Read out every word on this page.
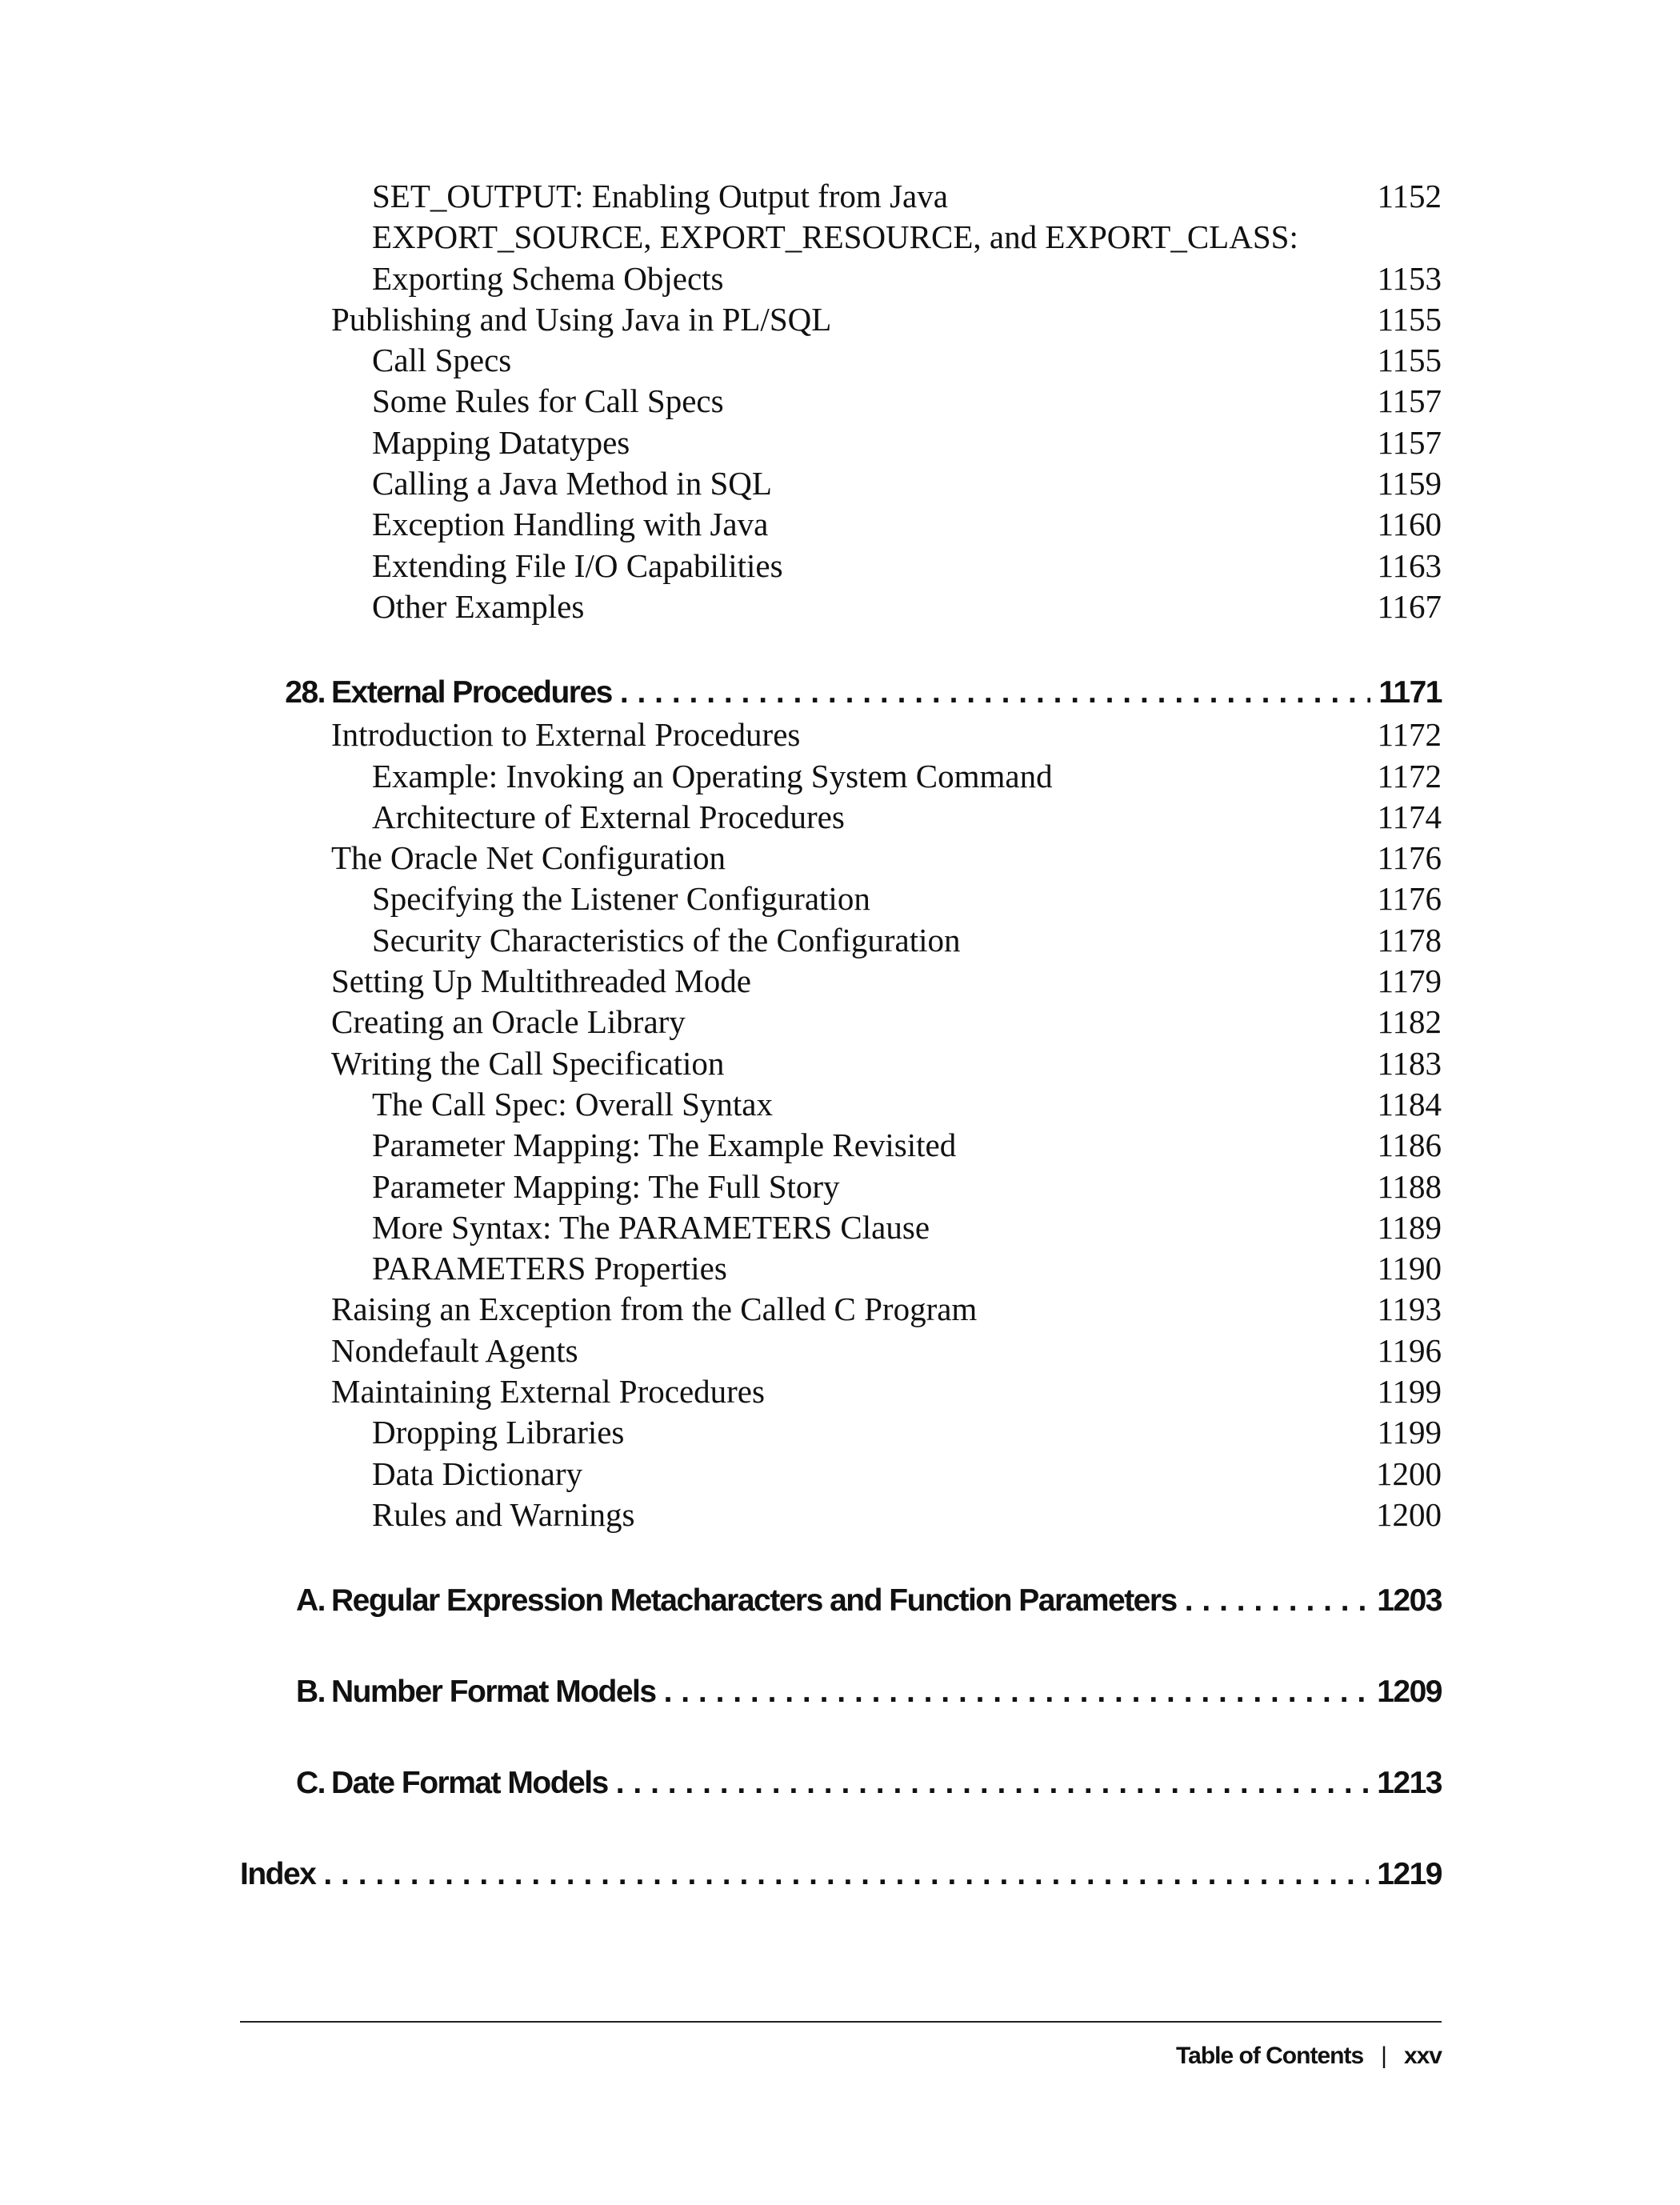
SET_OUTPUT: Enabling Output from Java	1152
EXPORT_SOURCE, EXPORT_RESOURCE, and EXPORT_CLASS:
Exporting Schema Objects	1153
Publishing and Using Java in PL/SQL	1155
Call Specs	1155
Some Rules for Call Specs	1157
Mapping Datatypes	1157
Calling a Java Method in SQL	1159
Exception Handling with Java	1160
Extending File I/O Capabilities	1163
Other Examples	1167
28. External Procedures . . .	1171
Introduction to External Procedures	1172
Example: Invoking an Operating System Command	1172
Architecture of External Procedures	1174
The Oracle Net Configuration	1176
Specifying the Listener Configuration	1176
Security Characteristics of the Configuration	1178
Setting Up Multithreaded Mode	1179
Creating an Oracle Library	1182
Writing the Call Specification	1183
The Call Spec: Overall Syntax	1184
Parameter Mapping: The Example Revisited	1186
Parameter Mapping: The Full Story	1188
More Syntax: The PARAMETERS Clause	1189
PARAMETERS Properties	1190
Raising an Exception from the Called C Program	1193
Nondefault Agents	1196
Maintaining External Procedures	1199
Dropping Libraries	1199
Data Dictionary	1200
Rules and Warnings	1200
A. Regular Expression Metacharacters and Function Parameters . . .	1203
B. Number Format Models . . .	1209
C. Date Format Models . . .	1213
Index . . .	1219
Table of Contents | xxv
